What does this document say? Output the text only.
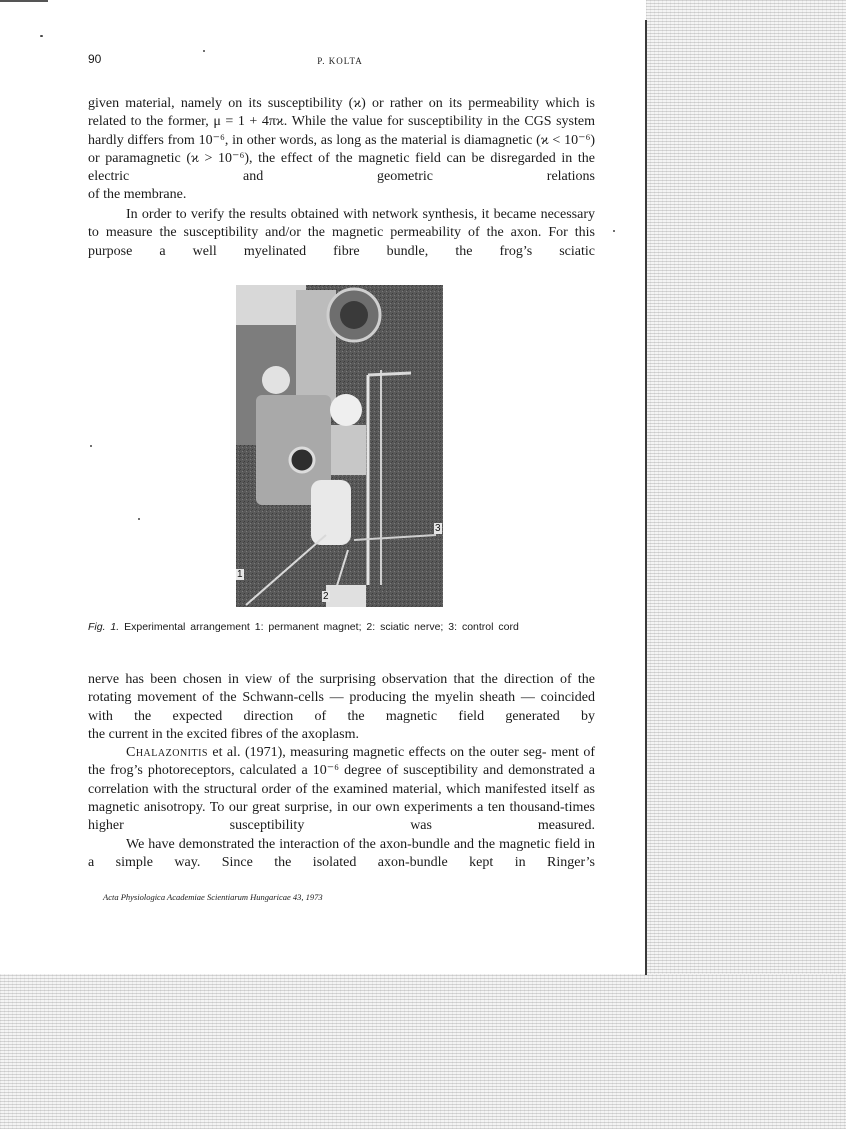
90	P. KOLTA

given material, namely on its susceptibility (ϰ) or rather on its permeability which is related to the former, μ = 1 + 4πϰ. While the value for susceptibility in the CGS system hardly differs from 10⁻⁶, in other words, as long as the material is diamagnetic (ϰ < 10⁻⁶) or paramagnetic (ϰ > 10⁻⁶), the effect of the magnetic field can be disregarded in the electric and geometric relations
of the membrane.

In order to verify the results obtained with network synthesis, it became necessary to measure the susceptibility and/or the magnetic permeability of the axon. For this purpose a well myelinated fibre bundle, the frog’s sciatic

3
1
2
Fig. 1. Experimental arrangement 1: permanent magnet; 2: sciatic nerve; 3: control cord

nerve has been chosen in view of the surprising observation that the direction of the rotating movement of the Schwann-cells — producing the myelin sheath — coincided with the expected direction of the magnetic field generated by
the current in the excited fibres of the axoplasm.

Chalazonitis et al. (1971), measuring magnetic effects on the outer seg- ment of the frog’s photoreceptors, calculated a 10⁻⁶ degree of susceptibility and demonstrated a correlation with the structural order of the examined material, which manifested itself as magnetic anisotropy. To our great surprise, in our own experiments a ten thousand-times higher susceptibility was measured.

We have demonstrated the interaction of the axon-bundle and the magnetic field in a simple way. Since the isolated axon-bundle kept in Ringer’s

Acta Physiologica Academiae Scientiarum Hungaricae 43, 1973
